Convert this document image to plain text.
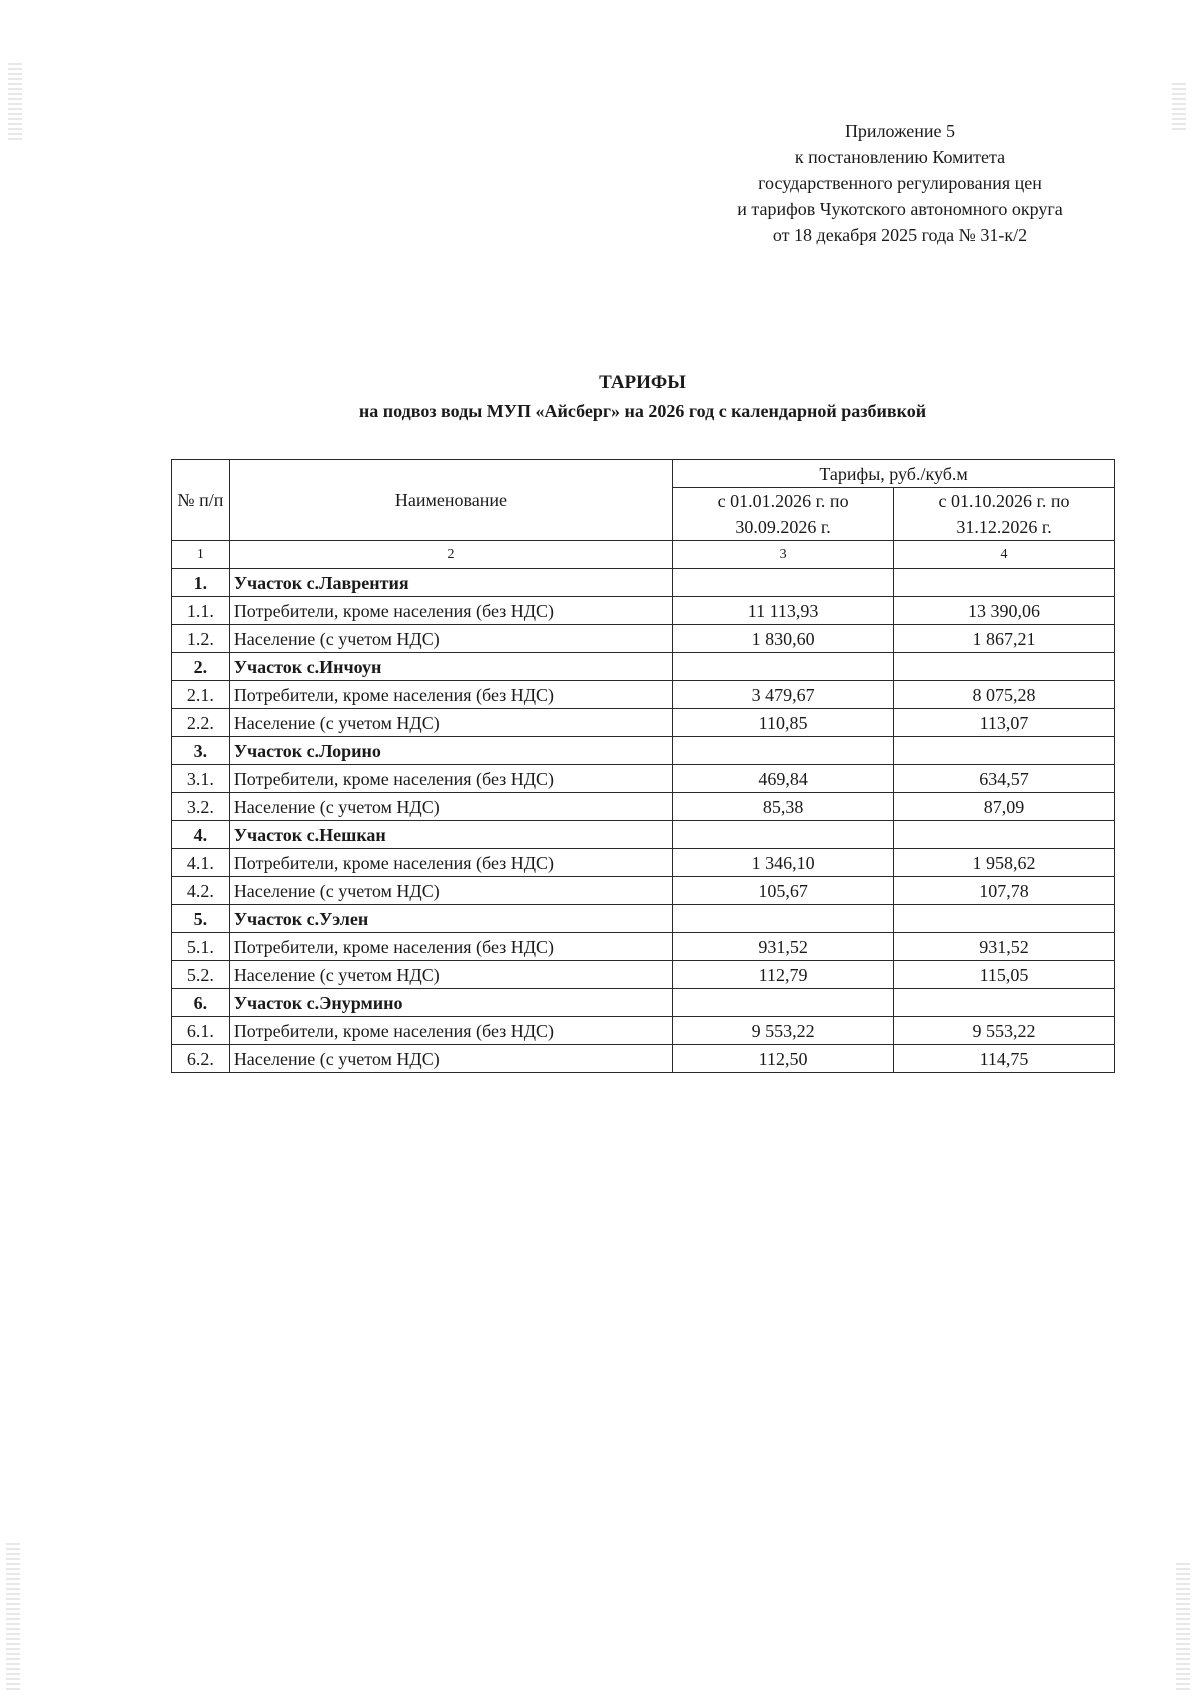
Приложение 5
к постановлению Комитета
государственного регулирования цен
и тарифов Чукотского автономного округа
от 18 декабря 2025 года № 31-к/2
ТАРИФЫ
на подвоз воды МУП «Айсберг» на 2026 год с календарной разбивкой
№ п/п	Наименование	Тарифы, руб./куб.м	
		с 01.01.2026 г. по 30.09.2026 г.	с 01.10.2026 г. по 31.12.2026 г.
1	2	3	4
1.	Участок с.Лаврентия		
1.1.	Потребители, кроме населения (без НДС)	11 113,93	13 390,06
1.2.	Население (с учетом НДС)	1 830,60	1 867,21
2.	Участок с.Инчоун		
2.1.	Потребители, кроме населения (без НДС)	3 479,67	8 075,28
2.2.	Население (с учетом НДС)	110,85	113,07
3.	Участок с.Лорино		
3.1.	Потребители, кроме населения (без НДС)	469,84	634,57
3.2.	Население (с учетом НДС)	85,38	87,09
4.	Участок с.Нешкан		
4.1.	Потребители, кроме населения (без НДС)	1 346,10	1 958,62
4.2.	Население (с учетом НДС)	105,67	107,78
5.	Участок с.Уэлен		
5.1.	Потребители, кроме населения (без НДС)	931,52	931,52
5.2.	Население (с учетом НДС)	112,79	115,05
6.	Участок с.Энурмино		
6.1.	Потребители, кроме населения (без НДС)	9 553,22	9 553,22
6.2.	Население (с учетом НДС)	112,50	114,75
